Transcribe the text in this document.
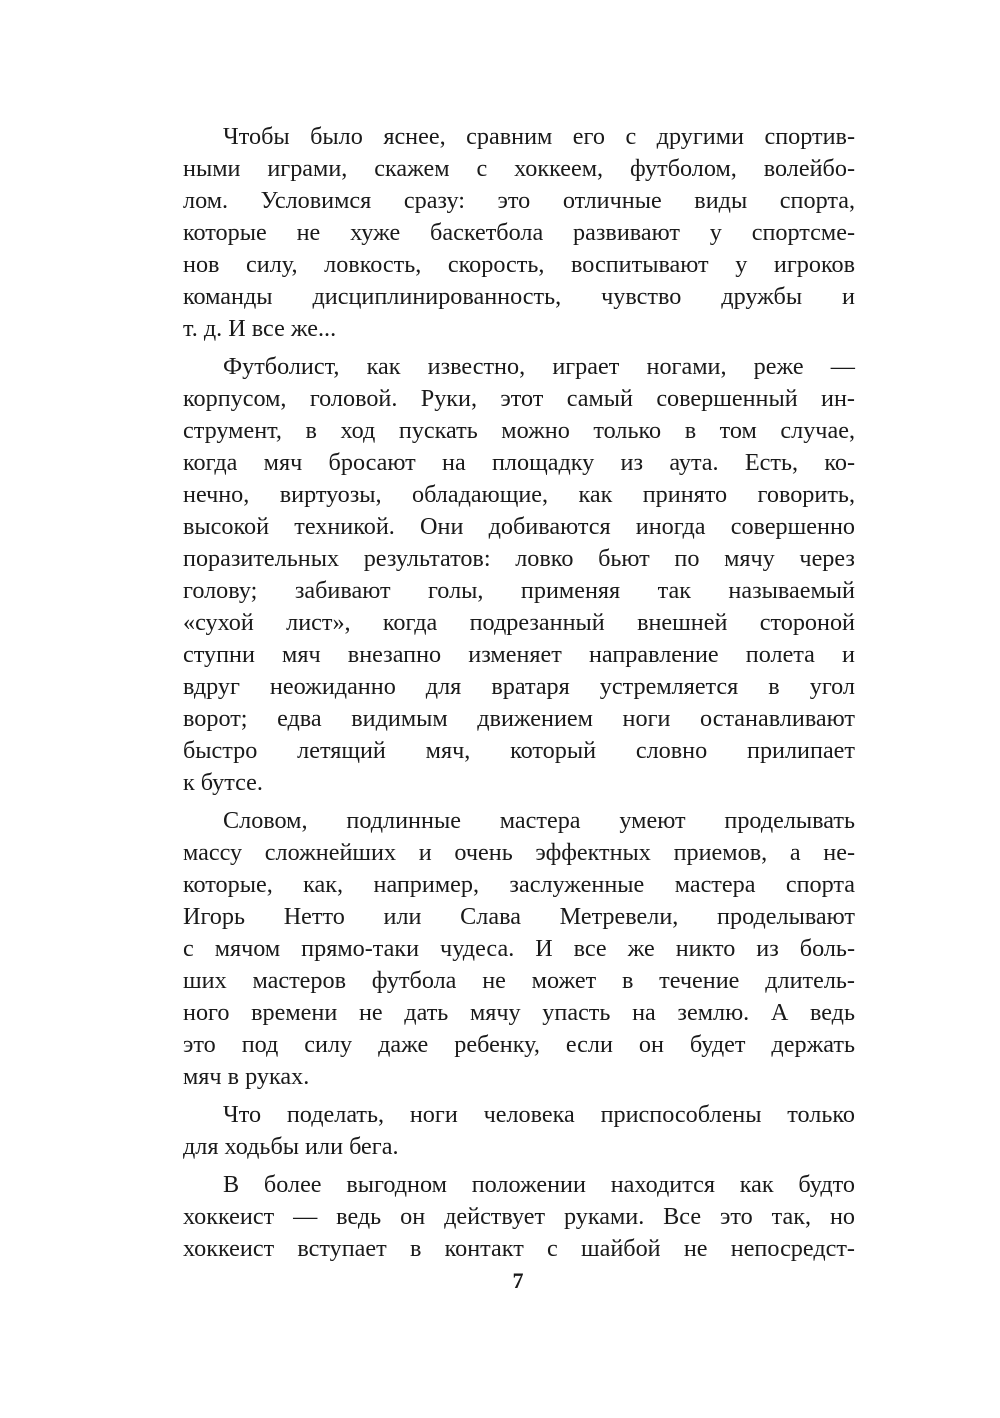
Чтобы было яснее, сравним его с другими спортив-
ными играми, скажем с хоккеем, футболом, волейбо-
лом. Условимся сразу: это отличные виды спорта,
которые не хуже баскетбола развивают у спортсме-
нов силу, ловкость, скорость, воспитывают у игроков
команды дисциплинированность, чувство дружбы и
т. д. И все же...
Футболист, как известно, играет ногами, реже —
корпусом, головой. Руки, этот самый совершенный ин-
струмент, в ход пускать можно только в том случае,
когда мяч бросают на площадку из аута. Есть, ко-
нечно, виртуозы, обладающие, как принято говорить,
высокой техникой. Они добиваются иногда совершенно
поразительных результатов: ловко бьют по мячу через
голову; забивают голы, применяя так называемый
«сухой лист», когда подрезанный внешней стороной
ступни мяч внезапно изменяет направление полета и
вдруг неожиданно для вратаря устремляется в угол
ворот; едва видимым движением ноги останавливают
быстро летящий мяч, который словно прилипает
к бутсе.
Словом, подлинные мастера умеют проделывать
массу сложнейших и очень эффектных приемов, а не-
которые, как, например, заслуженные мастера спорта
Игорь Нетто или Слава Метревели, проделывают
с мячом прямо-таки чудеса. И все же никто из боль-
ших мастеров футбола не может в течение длитель-
ного времени не дать мячу упасть на землю. А ведь
это под силу даже ребенку, если он будет держать
мяч в руках.
Что поделать, ноги человека приспособлены только
для ходьбы или бега.
В более выгодном положении находится как будто
хоккеист — ведь он действует руками. Все это так, но
хоккеист вступает в контакт с шайбой не непосредст-
7
